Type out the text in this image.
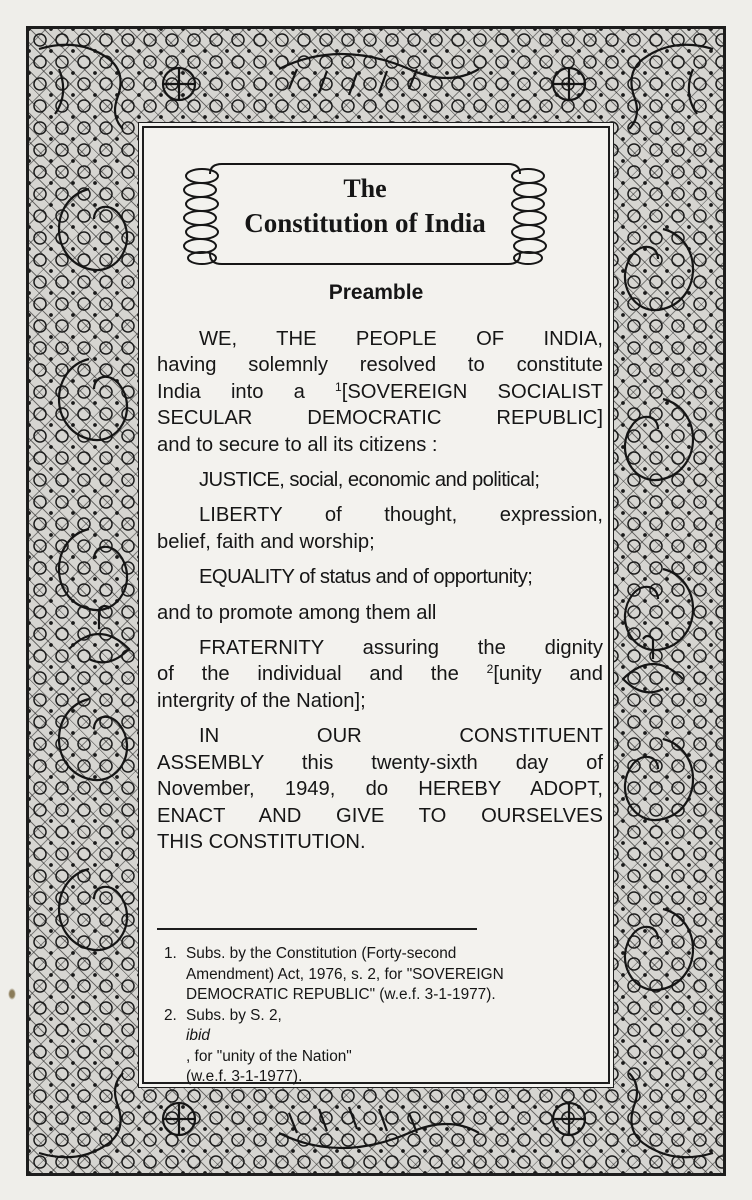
The
Constitution of India
Preamble
WE, THE PEOPLE OF INDIA,
having solemnly resolved to constitute
India into a $^1$[SOVEREIGN SOCIALIST
SECULAR DEMOCRATIC REPUBLIC]
and to secure to all its citizens :
JUSTICE, social, economic and political;
LIBERTY of thought, expression,
belief, faith and worship;
EQUALITY of status and of opportunity;
and to promote among them all
FRATERNITY assuring the dignity
of the individual and the $^2$[unity and
intergrity of the Nation];
IN OUR CONSTITUENT
ASSEMBLY this twenty-sixth day of
November, 1949, do HEREBY ADOPT,
ENACT AND GIVE TO OURSELVES
THIS CONSTITUTION.
1. Subs. by the Constitution (Forty-second
Amendment) Act, 1976, s. 2, for "SOVEREIGN
DEMOCRATIC REPUBLIC" (w.e.f. 3-1-1977).
2. Subs. by S. 2,
ibid
, for "unity of the Nation"
(w.e.f. 3-1-1977).
